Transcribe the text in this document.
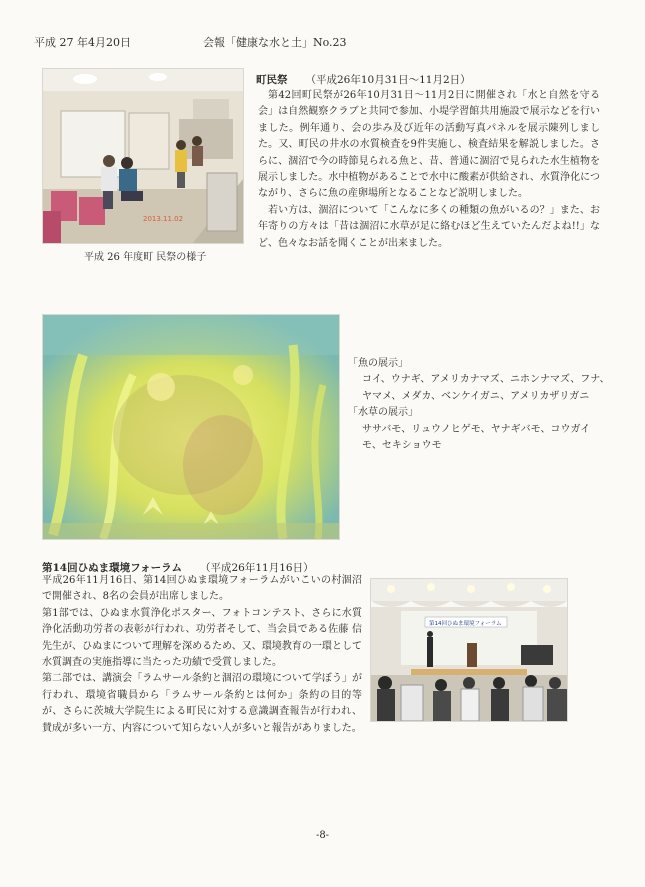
平成 27 年4月20日	会報「健康な水と土」No.23
2013.11.02
平成 26 年度町 民祭の様子
町民祭 （平成26年10月31日～11月2日）

第42回町民祭が26年10月31日～11月2日に開催され「水と自然を守る会」は自然観察クラブと共同で参加、小堤学習館共用施設で展示などを行いました。例年通り、会の歩み及び近年の活動写真パネルを展示陳列しました。又、町民の井水の水質検査を9件実施し、検査結果を解説しました。さらに、涸沼で今の時節見られる魚と、昔、普通に涸沼で見られた水生植物を展示しました。水中植物があることで水中に酸素が供給され、水質浄化につながり、さらに魚の産卵場所となることなど説明しました。

若い方は、涸沼について「こんなに多くの種類の魚がいるの？」また、お年寄りの方々は「昔は涸沼に水草が足に絡むほど生えていたんだよね!!」など、色々なお話を聞くことが出来ました。

「魚の展示」

コイ、ウナギ、アメリカナマズ、ニホンナマズ、フナ、ヤマメ、メダカ、ベンケイガニ、アメリカザリガニ

「水草の展示」

ササバモ、リュウノヒゲモ、ヤナギバモ、コウガイモ、セキショウモ

第14回ひぬま環境フォーラム （平成26年11月16日）

平成26年11月16日、第14回ひぬま環境フォーラムがいこいの村涸沼で開催され、8名の会員が出席しました。

第1部では、ひぬま水質浄化ポスター、フォトコンテスト、さらに水質浄化活動功労者の表彰が行われ、功労者そして、当会員である佐藤 信先生が、ひぬまについて理解を深めるため、又、環境教育の一環として水質調査の実施指導に当たった功績で受賞しました。

第二部では、講演会「ラムサール条約と涸沼の環境について学ぼう」が行われ、環境省職員から「ラムサール条約とは何か」条約の目的等が、さらに茨城大学院生による町民に対する意識調査報告が行われ、賛成が多い一方、内容について知らない人が多いと報告がありました。

第14回ひぬま環境フォーラム
-8-
